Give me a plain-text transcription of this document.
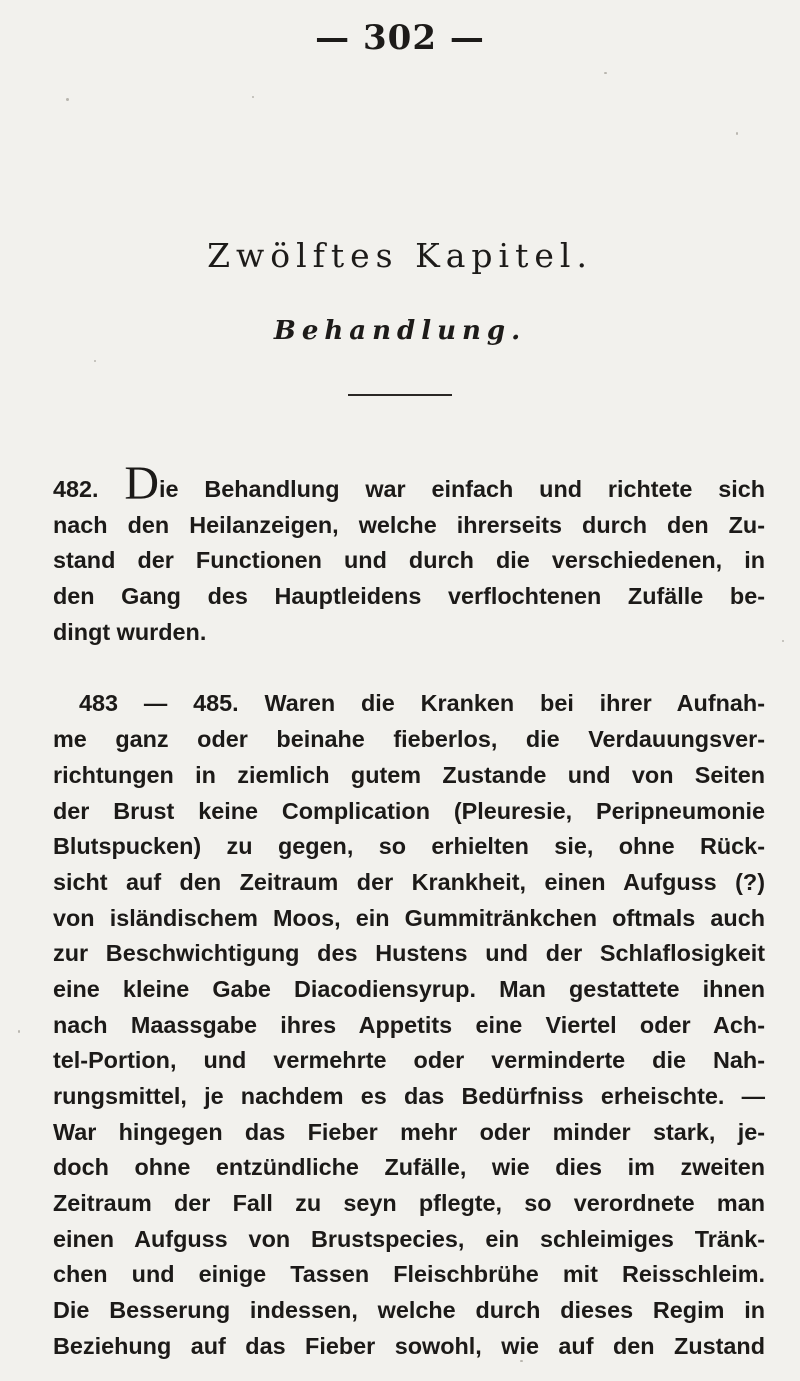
— 302 —
Zwölftes Kapitel.
Behandlung.
482. Die Behandlung war einfach und richtete sich
nach den Heilanzeigen, welche ihrerseits durch den Zu-
stand der Functionen und durch die verschiedenen, in
den Gang des Hauptleidens verflochtenen Zufälle be-
dingt wurden.
483 — 485. Waren die Kranken bei ihrer Aufnah-
me ganz oder beinahe fieberlos, die Verdauungsver-
richtungen in ziemlich gutem Zustande und von Seiten
der Brust keine Complication (Pleuresie, Peripneumonie
Blutspucken) zu gegen, so erhielten sie, ohne Rück-
sicht auf den Zeitraum der Krankheit, einen Aufguss (?)
von isländischem Moos, ein Gummitränkchen oftmals auch
zur Beschwichtigung des Hustens und der Schlaflosigkeit
eine kleine Gabe Diacodiensyrup. Man gestattete ihnen
nach Maassgabe ihres Appetits eine Viertel oder Ach-
tel-Portion, und vermehrte oder verminderte die Nah-
rungsmittel, je nachdem es das Bedürfniss erheischte. —
War hingegen das Fieber mehr oder minder stark, je-
doch ohne entzündliche Zufälle, wie dies im zweiten
Zeitraum der Fall zu seyn pflegte, so verordnete man
einen Aufguss von Brustspecies, ein schleimiges Tränk-
chen und einige Tassen Fleischbrühe mit Reisschleim.
Die Besserung indessen, welche durch dieses Regim in
Beziehung auf das Fieber sowohl, wie auf den Zustand
